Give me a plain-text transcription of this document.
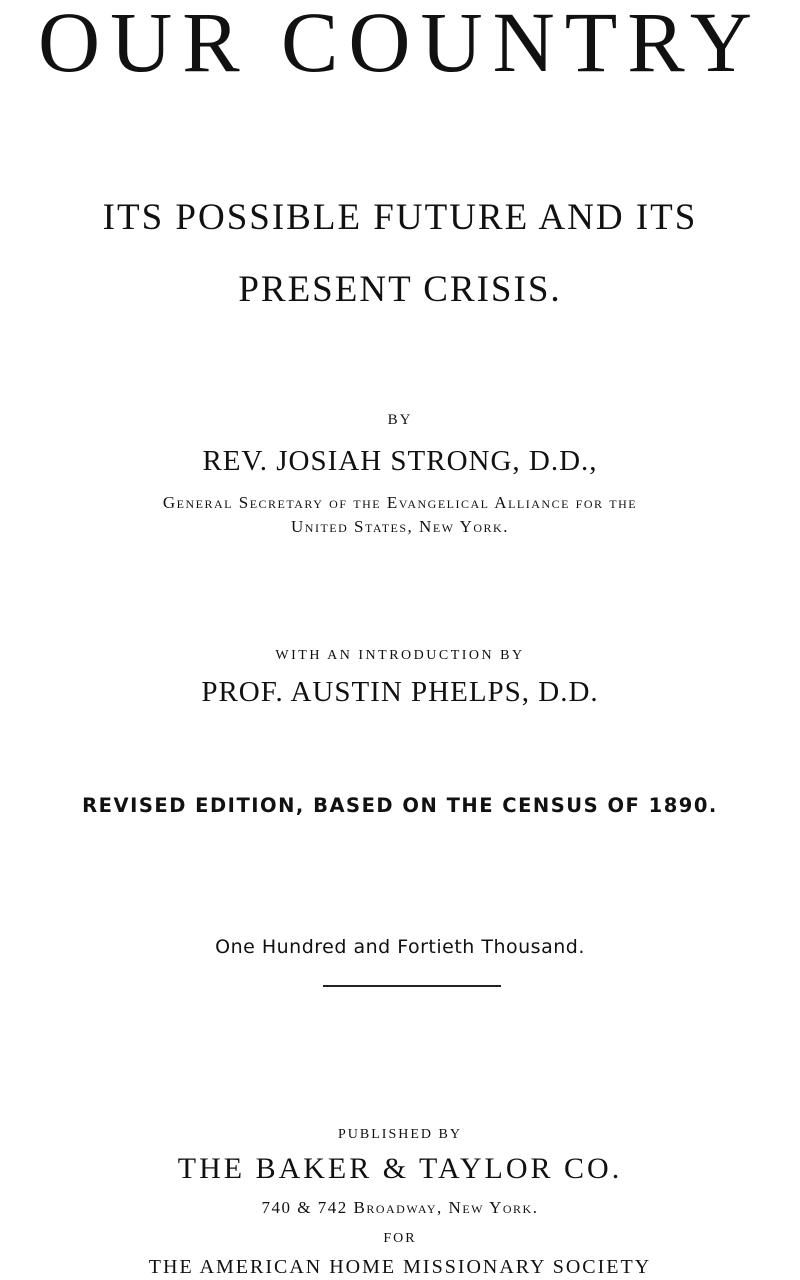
OUR COUNTRY
ITS POSSIBLE FUTURE AND ITS
PRESENT CRISIS.
BY
REV. JOSIAH STRONG, D.D.,
General Secretary of the Evangelical Alliance for the
United States, New York.
WITH AN INTRODUCTION BY
PROF. AUSTIN PHELPS, D.D.
REVISED EDITION, BASED ON THE CENSUS OF 1890.
One Hundred and Fortieth Thousand.
PUBLISHED BY
THE BAKER & TAYLOR CO.
740 & 742 Broadway, New York.
FOR
THE AMERICAN HOME MISSIONARY SOCIETY
